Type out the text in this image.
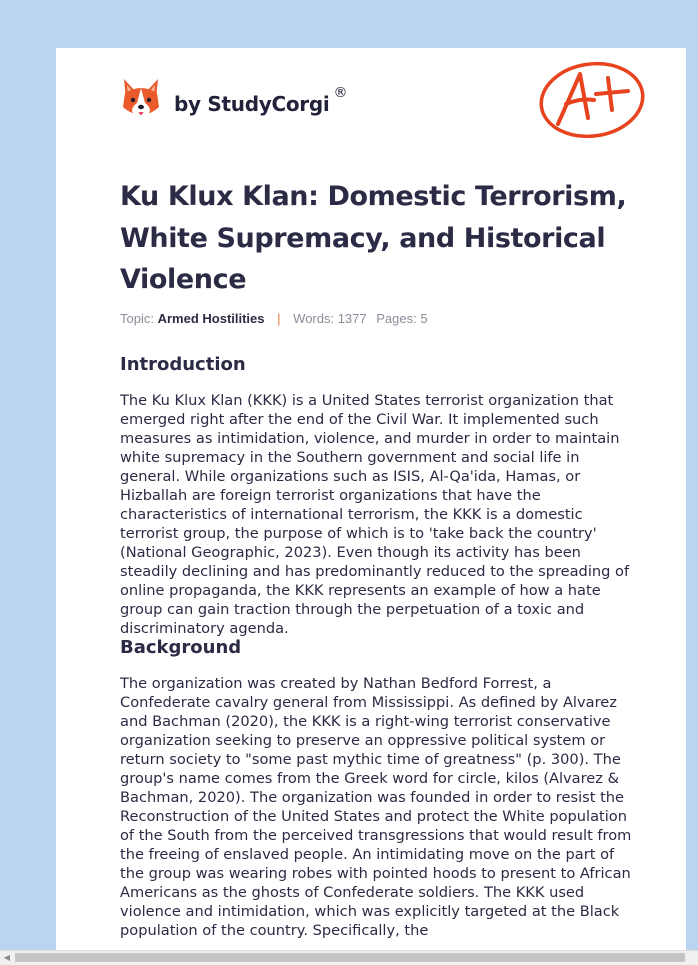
by StudyCorgi ®
Ku Klux Klan: Domestic Terrorism, White Supremacy, and Historical Violence
Topic: Armed Hostilities | Words: 1377 Pages: 5
Introduction

The Ku Klux Klan (KKK) is a United States terrorist organization that emerged right after the end of the Civil War. It implemented such measures as intimidation, violence, and murder in order to maintain white supremacy in the Southern government and social life in general. While organizations such as ISIS, Al-Qa'ida, Hamas, or Hizballah are foreign terrorist organizations that have the characteristics of international terrorism, the KKK is a domestic terrorist group, the purpose of which is to 'take back the country' (National Geographic, 2023). Even though its activity has been steadily declining and has predominantly reduced to the spreading of online propaganda, the KKK represents an example of how a hate group can gain traction through the perpetuation of a toxic and discriminatory agenda.

Background

The organization was created by Nathan Bedford Forrest, a Confederate cavalry general from Mississippi. As defined by Alvarez and Bachman (2020), the KKK is a right-wing terrorist conservative organization seeking to preserve an oppressive political system or return society to "some past mythic time of greatness" (p. 300). The group's name comes from the Greek word for circle, kilos (Alvarez & Bachman, 2020). The organization was founded in order to resist the Reconstruction of the United States and protect the White population of the South from the perceived transgressions that would result from the freeing of enslaved people. An intimidating move on the part of the group was wearing robes with pointed hoods to present to African Americans as the ghosts of Confederate soldiers. The KKK used violence and intimidation, which was explicitly targeted at the Black population of the country. Specifically, the

◀
